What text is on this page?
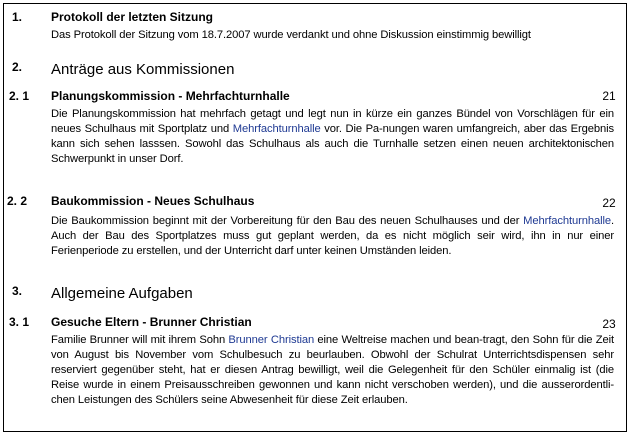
1. Protokoll der letzten Sitzung
Das Protokoll der Sitzung vom 18.7.2007 wurde verdankt und ohne Diskussion einstimmig bewilligt
2. Anträge aus Kommissionen
2. 1 Planungskommission - Mehrfachturnhalle	21
Die Planungskommission hat mehrfach getagt und legt nun in kürze ein ganzes Bündel von Vorschlägen für ein neues Schulhaus mit Sportplatz und Mehrfachturnhalle vor. Die Pa-nungen waren umfangreich, aber das Ergebnis kann sich sehen lasssen. Sowohl das Schulhaus als auch die Turnhalle setzen einen neuen architektonischen Schwerpunkt in unser Dorf.
2. 2 Baukommission - Neues Schulhaus	22
Die Baukommission beginnt mit der Vorbereitung für den Bau des neuen Schulhauses und der Mehrfachturnhalle. Auch der Bau des Sportplatzes muss gut geplant werden, da es nicht möglich seir wird, ihn in nur einer Ferienperiode zu erstellen, und der Unterricht darf unter keinen Umständen leiden.
3. Allgemeine Aufgaben
3. 1 Gesuche Eltern - Brunner Christian	23
Familie Brunner will mit ihrem Sohn Brunner Christian eine Weltreise machen und bean-tragt, den Sohn für die Zeit von August bis November vom Schulbesuch zu beurlauben. Obwohl der Schulrat Unterrichtsdispensen sehr reserviert gegenüber steht, hat er diesen Antrag bewilligt, weil die Gelegenheit für den Schüler einmalig ist (die Reise wurde in einem Preisausschreiben gewonnen und kann nicht verschoben werden), und die ausserordentli-chen Leistungen des Schülers seine Abwesenheit für diese Zeit erlauben.
